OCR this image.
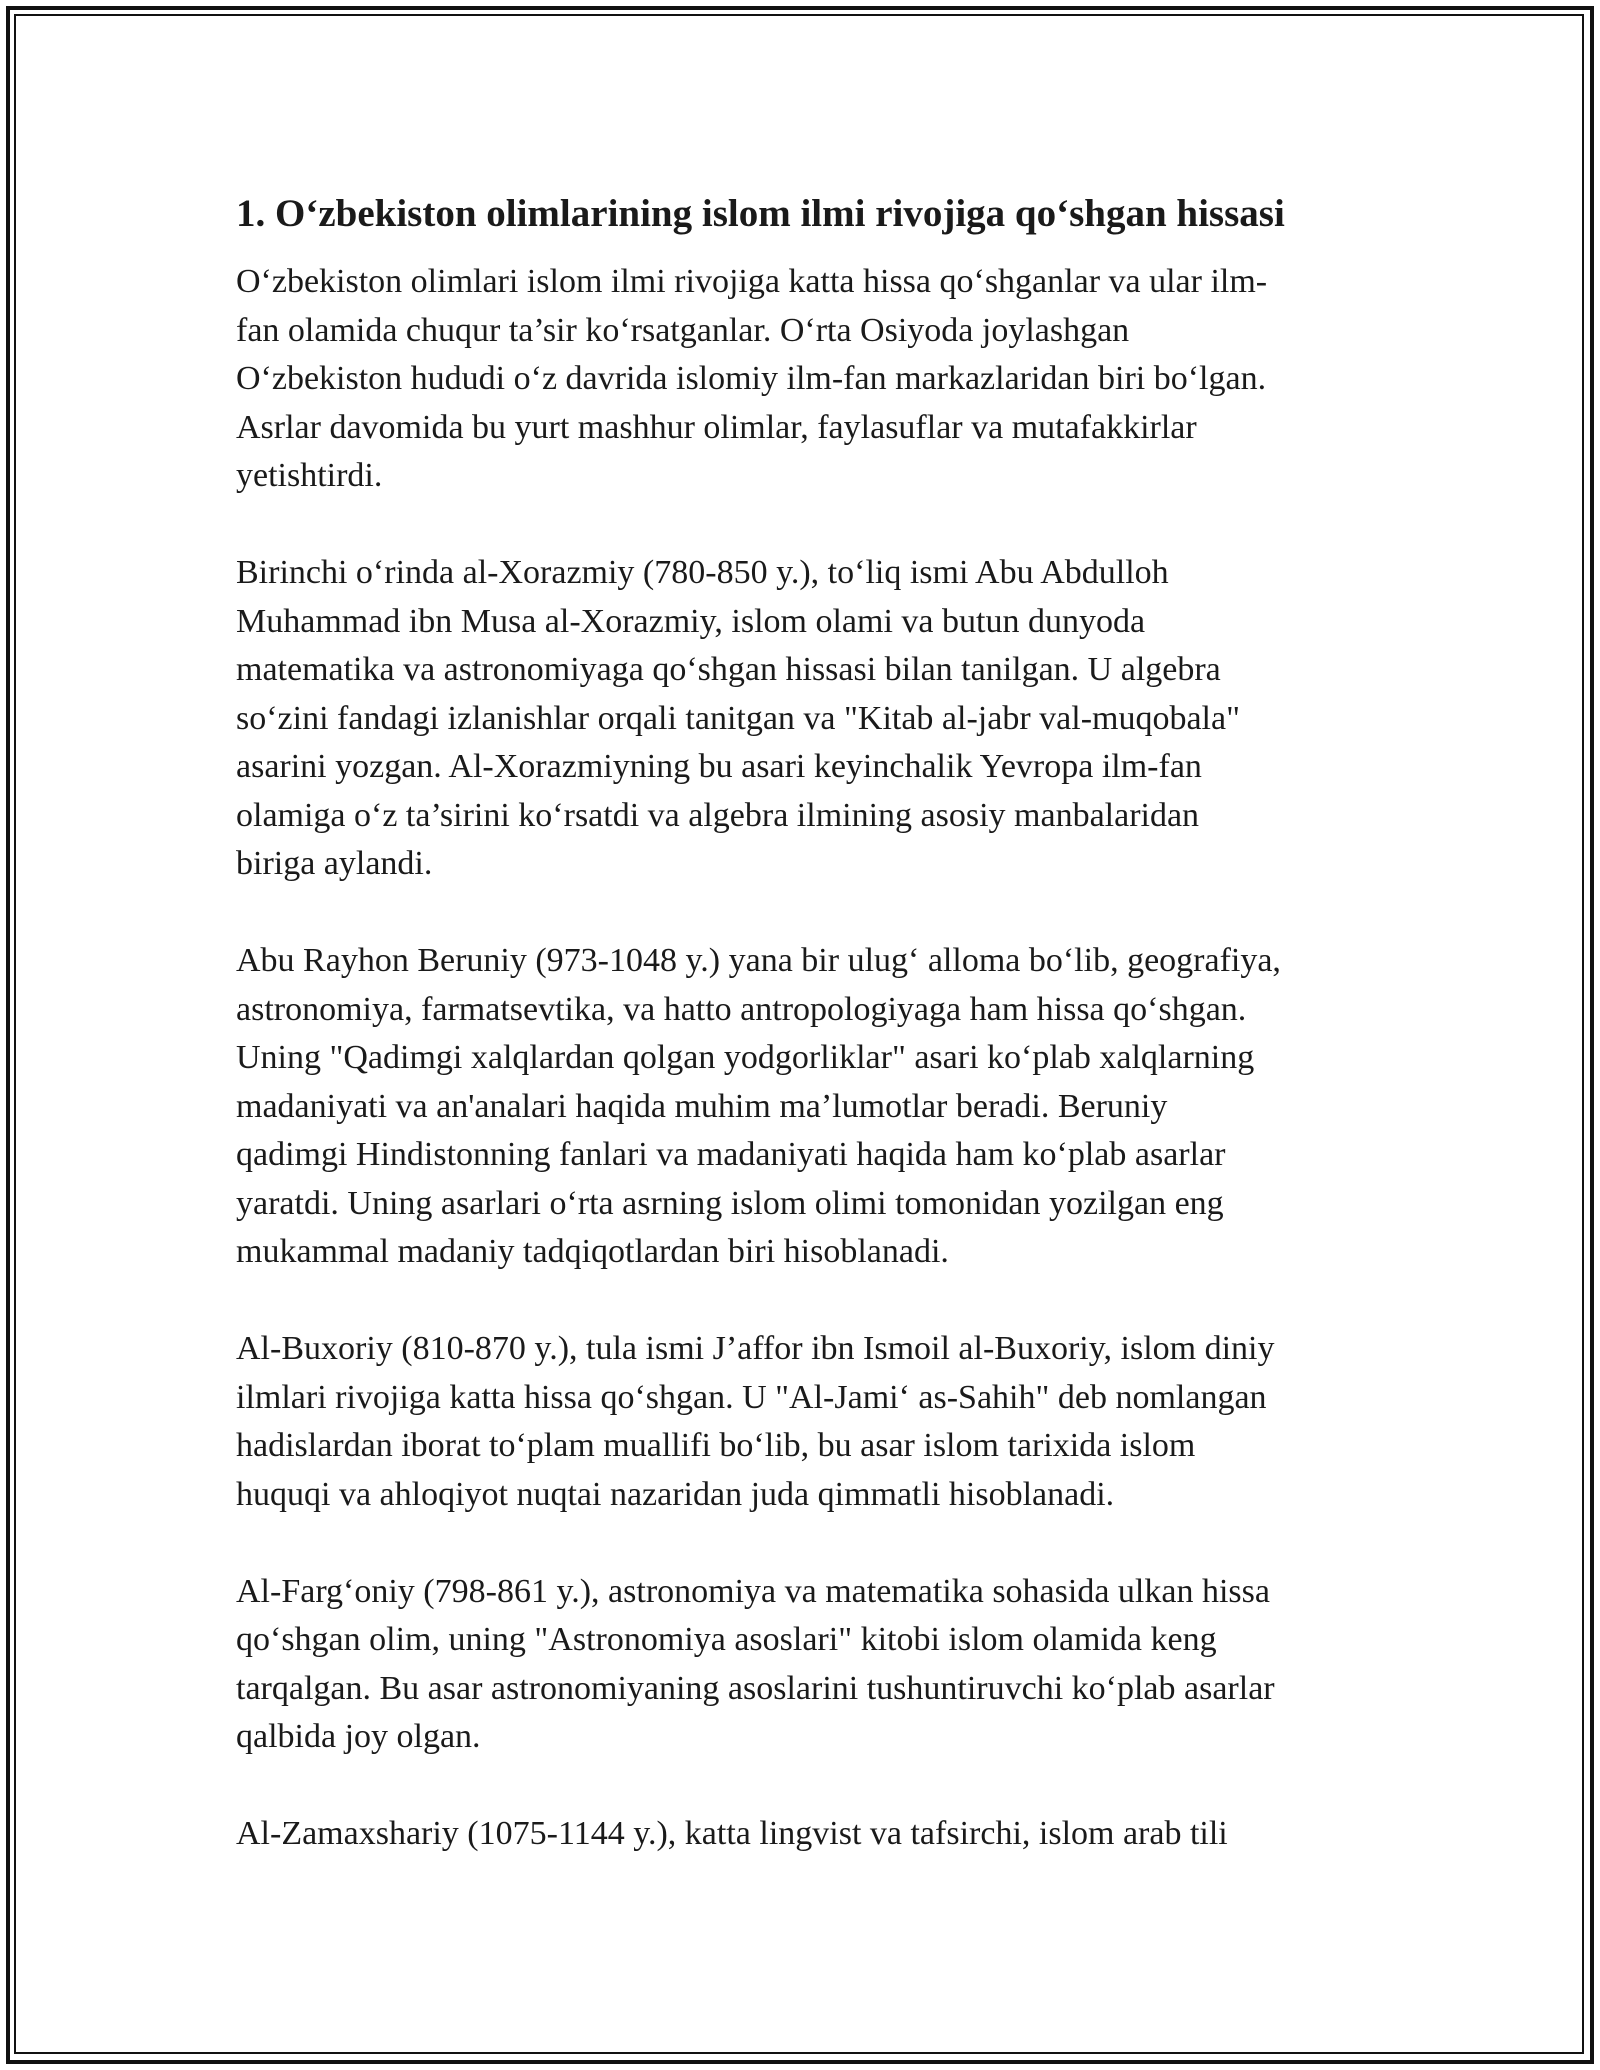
1. O‘zbekiston olimlarining islom ilmi rivojiga qo‘shgan hissasi
O‘zbekiston olimlari islom ilmi rivojiga katta hissa qo‘shganlar va ular ilm-
fan olamida chuqur ta’sir ko‘rsatganlar. O‘rta Osiyoda joylashgan
O‘zbekiston hududi o‘z davrida islomiy ilm-fan markazlaridan biri bo‘lgan.
Asrlar davomida bu yurt mashhur olimlar, faylasuflar va mutafakkirlar
yetishtirdi.
Birinchi o‘rinda al-Xorazmiy (780-850 y.), to‘liq ismi Abu Abdulloh
Muhammad ibn Musa al-Xorazmiy, islom olami va butun dunyoda
matematika va astronomiyaga qo‘shgan hissasi bilan tanilgan. U algebra
so‘zini fandagi izlanishlar orqali tanitgan va "Kitab al-jabr val-muqobala"
asarini yozgan. Al-Xorazmiyning bu asari keyinchalik Yevropa ilm-fan
olamiga o‘z ta’sirini ko‘rsatdi va algebra ilmining asosiy manbalaridan
biriga aylandi.
Abu Rayhon Beruniy (973-1048 y.) yana bir ulug‘ alloma bo‘lib, geografiya,
astronomiya, farmatsevtika, va hatto antropologiyaga ham hissa qo‘shgan.
Uning "Qadimgi xalqlardan qolgan yodgorliklar" asari ko‘plab xalqlarning
madaniyati va an'analari haqida muhim ma’lumotlar beradi. Beruniy
qadimgi Hindistonning fanlari va madaniyati haqida ham ko‘plab asarlar
yaratdi. Uning asarlari o‘rta asrning islom olimi tomonidan yozilgan eng
mukammal madaniy tadqiqotlardan biri hisoblanadi.
Al-Buxoriy (810-870 y.), tula ismi J’affor ibn Ismoil al-Buxoriy, islom diniy
ilmlari rivojiga katta hissa qo‘shgan. U "Al-Jami‘ as-Sahih" deb nomlangan
hadislardan iborat to‘plam muallifi bo‘lib, bu asar islom tarixida islom
huquqi va ahloqiyot nuqtai nazaridan juda qimmatli hisoblanadi.
Al-Farg‘oniy (798-861 y.), astronomiya va matematika sohasida ulkan hissa
qo‘shgan olim, uning "Astronomiya asoslari" kitobi islom olamida keng
tarqalgan. Bu asar astronomiyaning asoslarini tushuntiruvchi ko‘plab asarlar
qalbida joy olgan.
Al-Zamaxshariy (1075-1144 y.), katta lingvist va tafsirchi, islom arab tili
